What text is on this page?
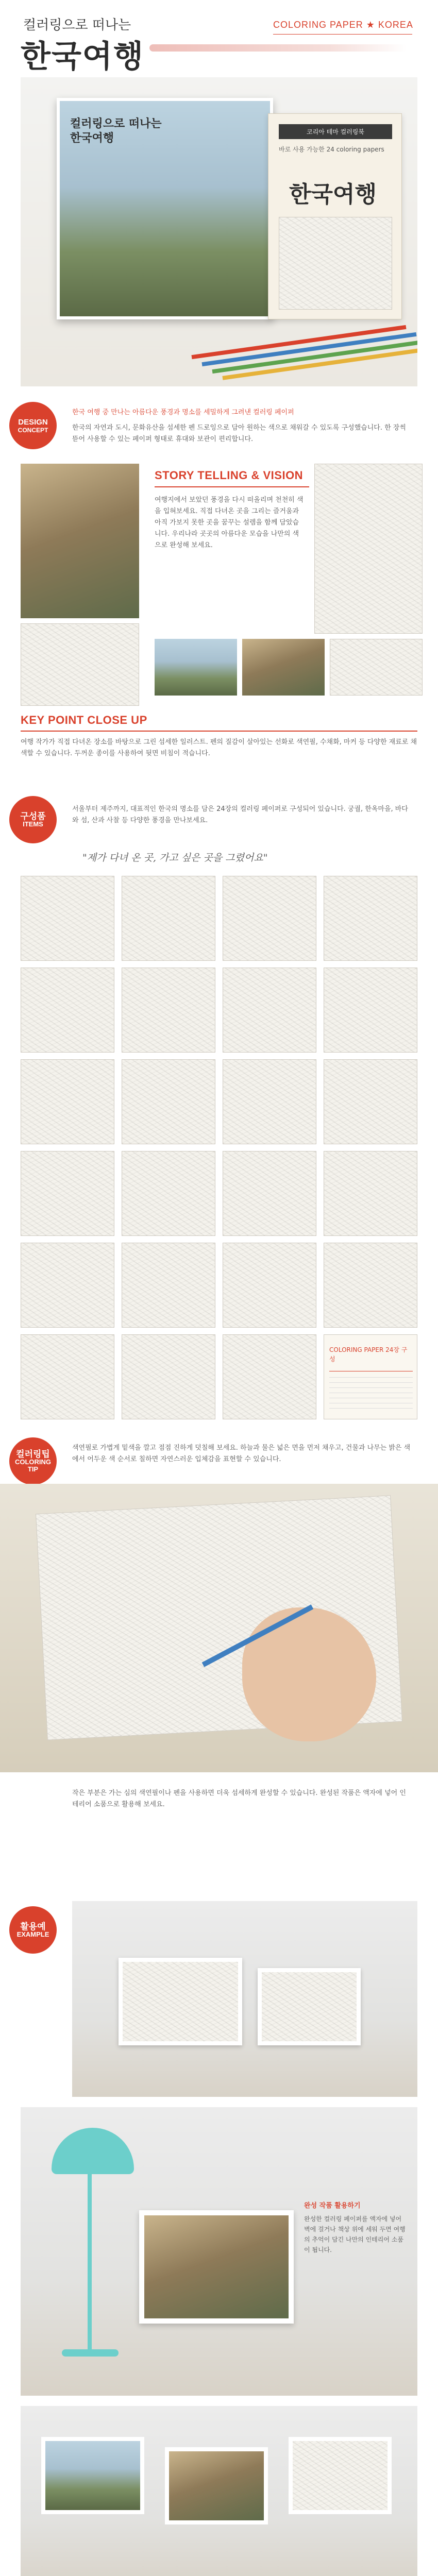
컬러링으로 떠나는
한국여행
COLORING PAPER ★ KOREA
컬러링으로 떠나는 한국여행	코리아 테마 컬러링북
바로 사용 가능한 24 coloring papers
한국여행
DESIGN
CONCEPT
한국 여행 중 만나는 아름다운 풍경과 명소를 세밀하게 그려낸 컬러링 페이퍼
한국의 자연과 도시, 문화유산을 섬세한 펜 드로잉으로 담아 원하는 색으로 채워갈 수 있도록 구성했습니다. 한 장씩 뜯어 사용할 수 있는 페이퍼 형태로 휴대와 보관이 편리합니다.
STORY TELLING & VISION
여행지에서 보았던 풍경을 다시 떠올리며 천천히 색을 입혀보세요. 직접 다녀온 곳을 그리는 즐거움과 아직 가보지 못한 곳을 꿈꾸는 설렘을 함께 담았습니다. 우리나라 곳곳의 아름다운 모습을 나만의 색으로 완성해 보세요.
KEY POINT CLOSE UP
여행 작가가 직접 다녀온 장소를 바탕으로 그린 섬세한 일러스트. 펜의 질감이 살아있는 선화로 색연필, 수채화, 마커 등 다양한 재료로 채색할 수 있습니다. 두꺼운 종이를 사용하여 뒷면 비침이 적습니다.
구성품
ITEMS
서울부터 제주까지, 대표적인 한국의 명소를 담은 24장의 컬러링 페이퍼로 구성되어 있습니다. 궁궐, 한옥마을, 바다와 섬, 산과 사찰 등 다양한 풍경을 만나보세요.
"제가 다녀 온 곳, 가고 싶은 곳을 그렸어요"
COLORING PAPER 24장 구성
컬러링팁
COLORING TIP
색연필로 가볍게 밑색을 깔고 점점 진하게 덧칠해 보세요. 하늘과 물은 넓은 면을 먼저 채우고, 건물과 나무는 밝은 색에서 어두운 색 순서로 칠하면 자연스러운 입체감을 표현할 수 있습니다.
작은 부분은 가는 심의 색연필이나 펜을 사용하면 더욱 섬세하게 완성할 수 있습니다. 완성된 작품은 액자에 넣어 인테리어 소품으로 활용해 보세요.
활용예
EXAMPLE
완성 작품 활용하기
완성한 컬러링 페이퍼를 액자에 넣어 벽에 걸거나 책상 위에 세워 두면 여행의 추억이 담긴 나만의 인테리어 소품이 됩니다.
